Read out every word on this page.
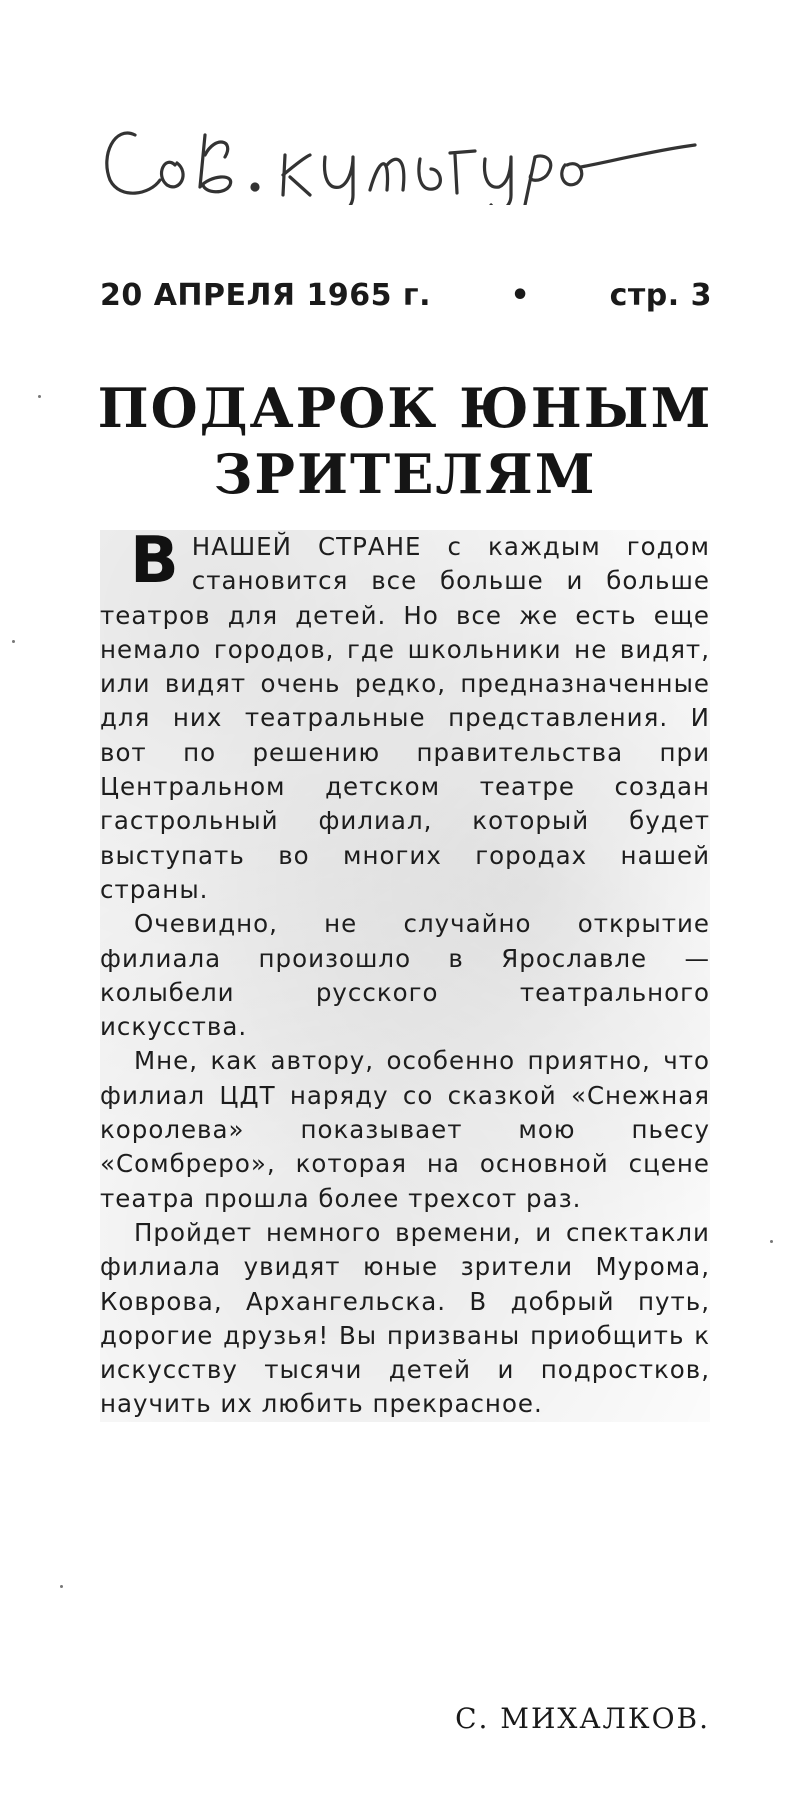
20 АПРЕЛЯ 1965 г.	•	стр. 3
ПОДАРОК ЮНЫМ
ЗРИТЕЛЯМ

ВНАШЕЙ СТРАНЕ с каждым годом становится все больше и больше театров для детей. Но все же есть еще немало городов, где школьники не видят, или видят очень редко, предназначенные для них театральные представления. И вот по решению правительства при Центральном детском театре создан гастрольный филиал, который будет выступать во многих городах нашей страны.

Очевидно, не случайно открытие филиала произошло в Ярославле — колыбели русского театрального искусства.

Мне, как автору, особенно приятно, что филиал ЦДТ наряду со сказкой «Снежная королева» показывает мою пьесу «Сомбреро», которая на основной сцене театра прошла более трехсот раз.

Пройдет немного времени, и спектакли филиала увидят юные зрители Мурома, Коврова, Архангельска. В добрый путь, дорогие друзья! Вы призваны приобщить к искусству тысячи детей и подростков, научить их любить прекрасное.

С. МИХАЛКОВ.
